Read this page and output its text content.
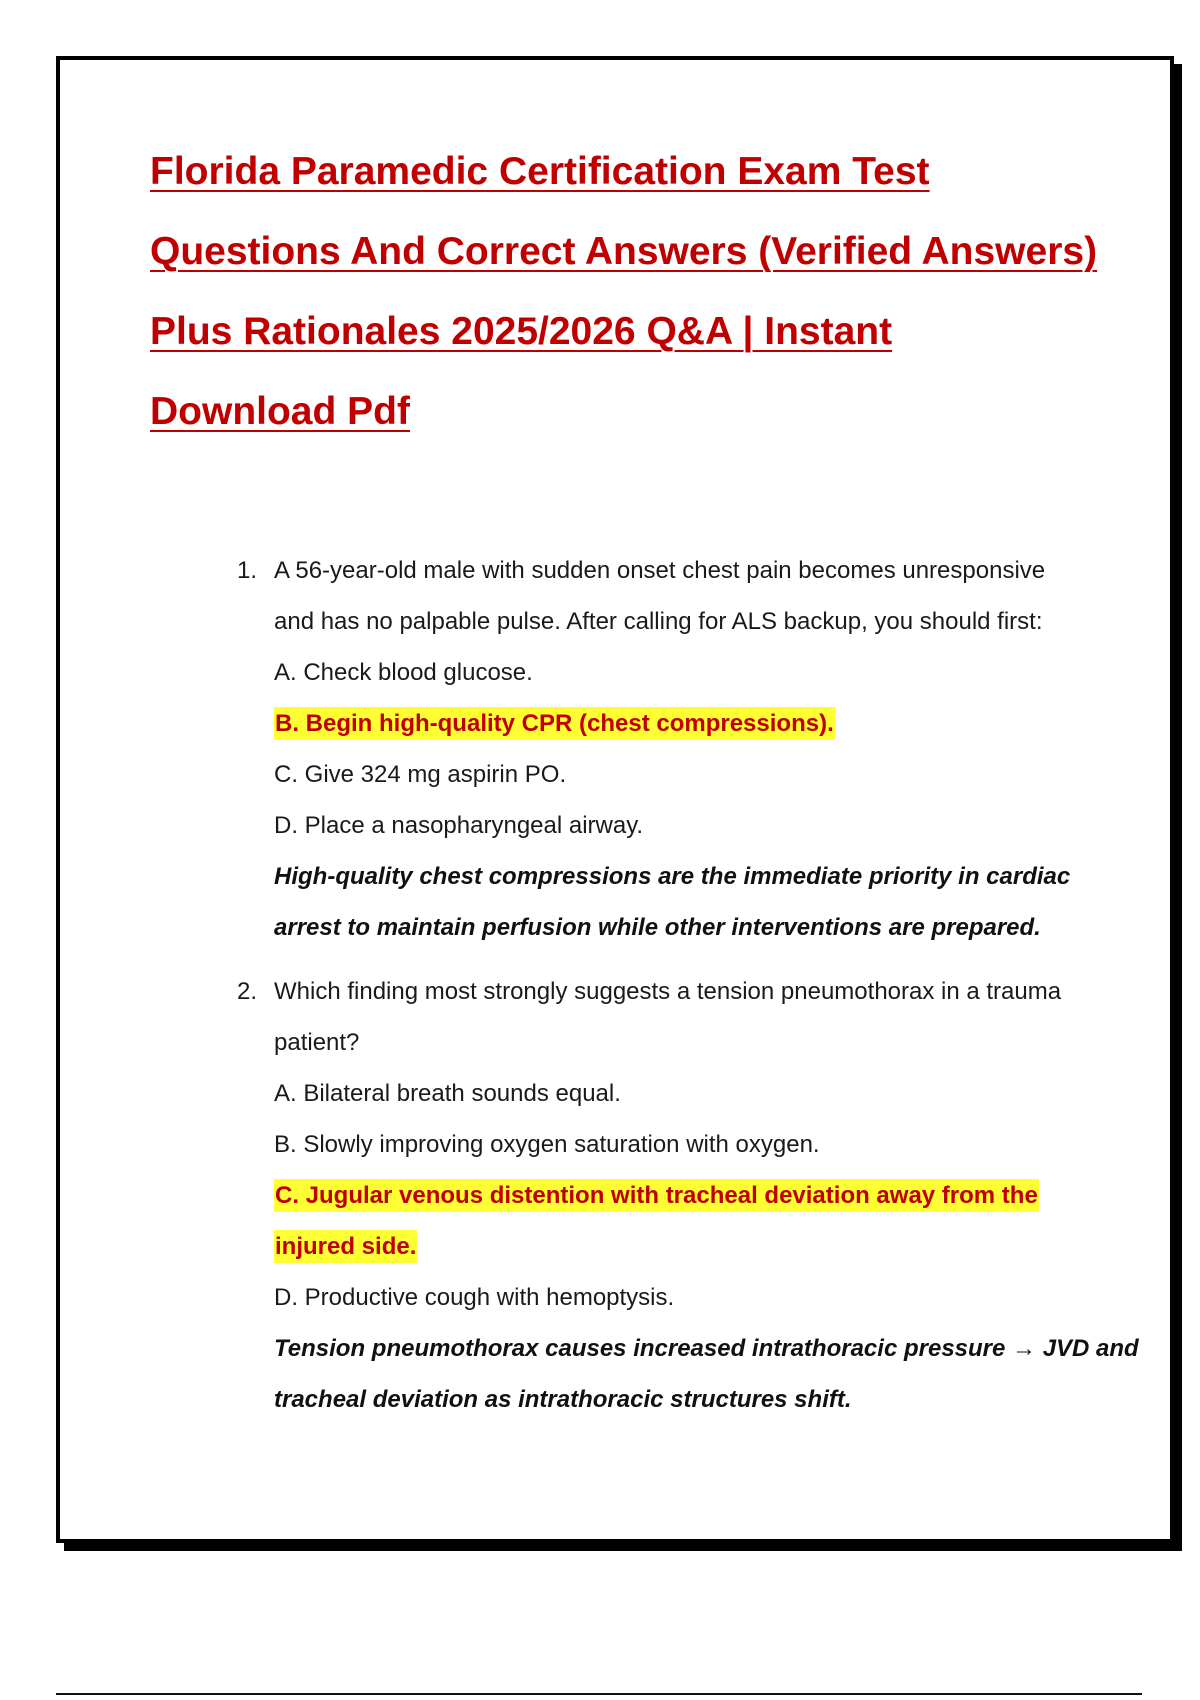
Florida Paramedic Certification Exam Test
Questions And Correct Answers (Verified Answers)
Plus Rationales 2025/2026 Q&A | Instant
Download Pdf
1. A 56-year-old male with sudden onset chest pain becomes unresponsive

and has no palpable pulse. After calling for ALS backup, you should first:

A. Check blood glucose.

B. Begin high-quality CPR (chest compressions).

C. Give 324 mg aspirin PO.

D. Place a nasopharyngeal airway.

High-quality chest compressions are the immediate priority in cardiac

arrest to maintain perfusion while other interventions are prepared.

2. Which finding most strongly suggests a tension pneumothorax in a trauma

patient?

A. Bilateral breath sounds equal.

B. Slowly improving oxygen saturation with oxygen.

C. Jugular venous distention with tracheal deviation away from the

injured side.

D. Productive cough with hemoptysis.

Tension pneumothorax causes increased intrathoracic pressure → JVD and

tracheal deviation as intrathoracic structures shift.
